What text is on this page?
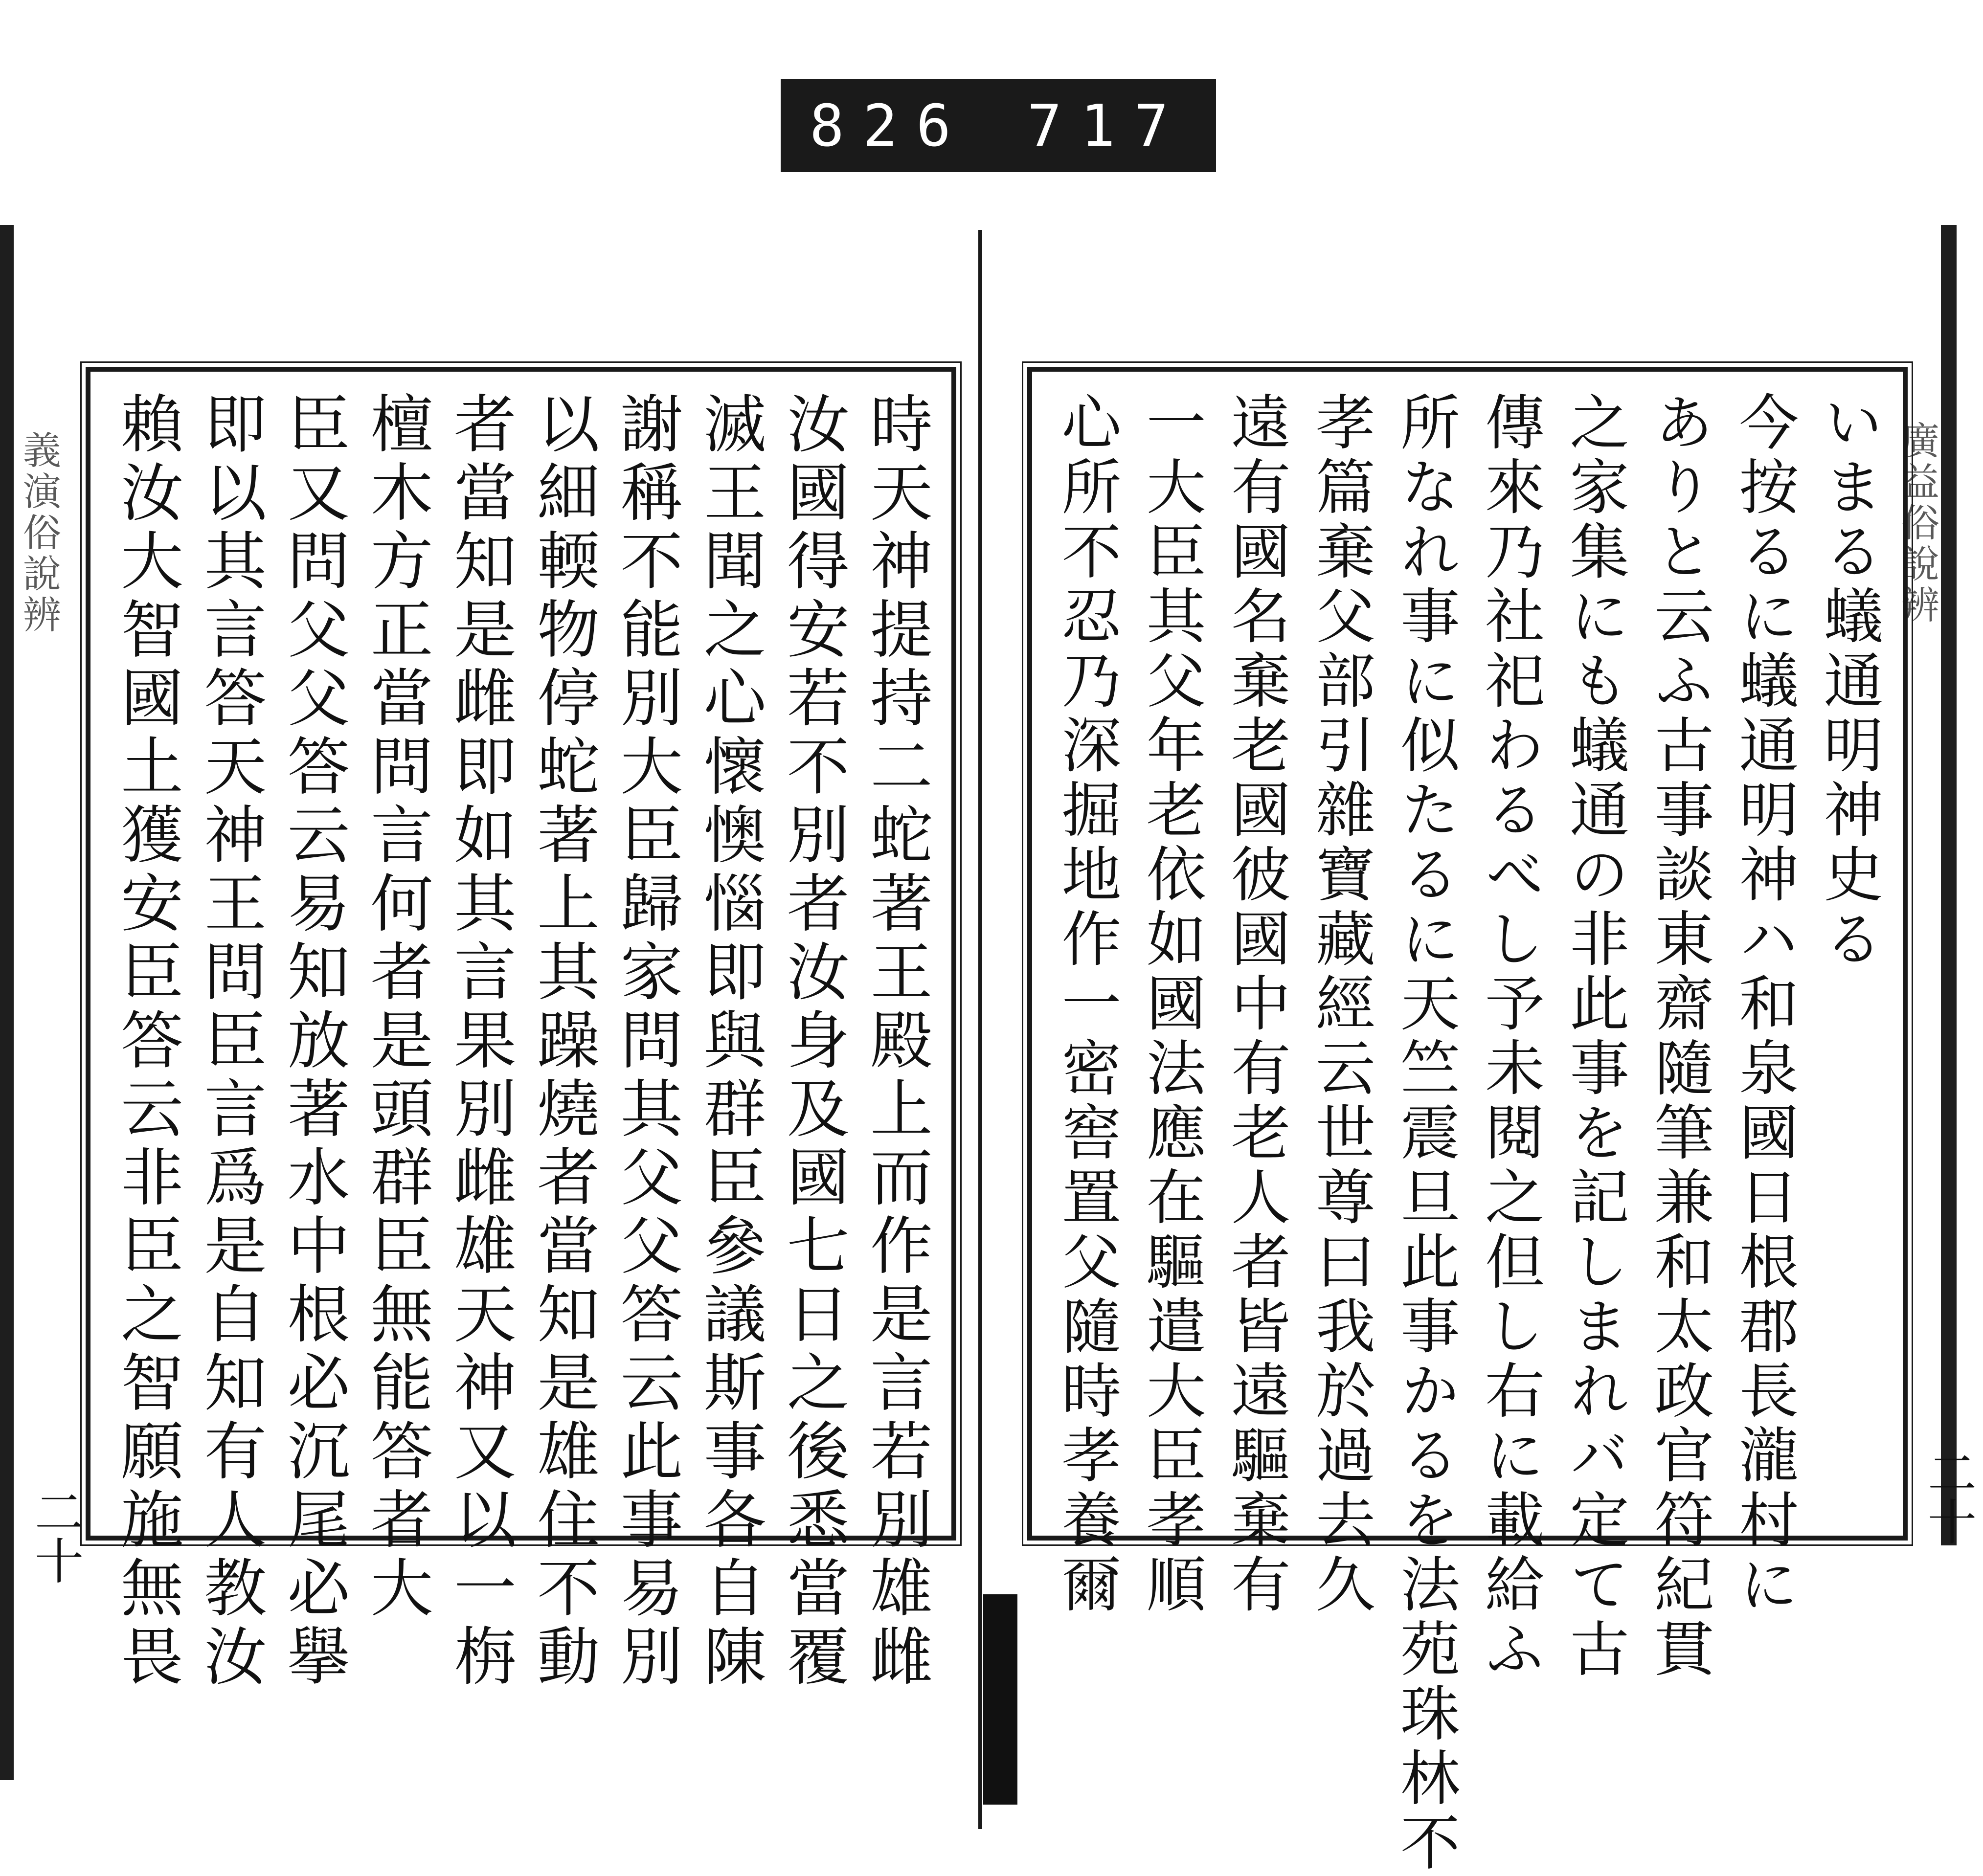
826 717
義演俗說辨
二十
廣益俗說辨
二十
時天神提持二蛇著王殿上而作是言若別雄雌
汝國得安若不別者汝身及國七日之後悉當覆
滅王聞之心懷懊惱即與群臣參議斯事各自陳
謝稱不能別大臣歸家問其父父答云此事易別
以細輭物停蛇著上其躁燒者當知是雄住不動
者當知是雌即如其言果別雌雄天神又以一栴
檀木方正當問言何者是頭群臣無能答者大
臣又問父父答云易知放著水中根必沉尾必擧
即以其言答天神王問臣言爲是自知有人教汝
賴汝大智國土獲安臣答云非臣之智願施無畏	いまる蟻通明神史る
今按るに蟻通明神ハ和泉國日根郡長瀧村に
ありと云ふ古事談東齋隨筆兼和太政官符紀貫
之家集にも蟻通の非此事を記しまれバ定て古
傳來乃社祀わるべし予未閱之但し右に載給ふ
所なれ事に似たるに天竺震旦此事かるを法苑珠林不
孝篇棄父部引雜寶藏經云世尊曰我於過去久
遠有國名棄老國彼國中有老人者皆遠驅棄有
一大臣其父年老依如國法應在驅遣大臣孝順
心所不忍乃深掘地作一密窖置父隨時孝養爾
